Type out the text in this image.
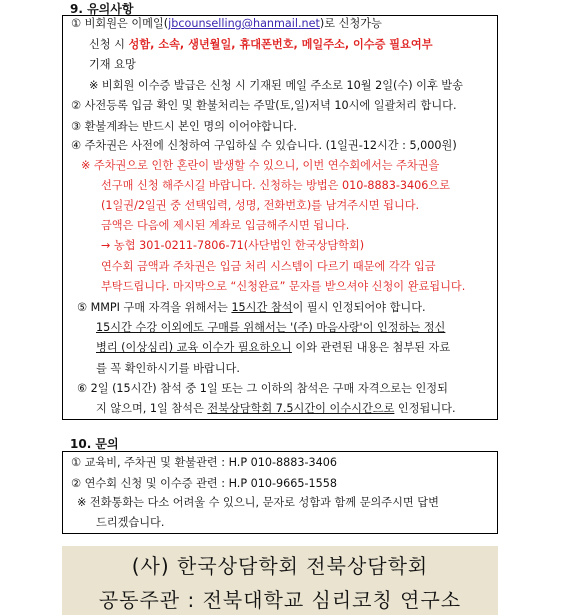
9. 유의사항
① 비회원은 이메일(jbcounselling@hanmail.net)로 신청가능
신청 시 성함, 소속, 생년월일, 휴대폰번호, 메일주소, 이수증 필요여부
기재 요망
※ 비회원 이수증 발급은 신청 시 기재된 메일 주소로 10월 2일(수) 이후 발송
② 사전등록 입금 확인 및 환불처리는 주말(토,일)저녁 10시에 일괄처리 합니다.
③ 환불계좌는 반드시 본인 명의 이어야합니다.
④ 주차권은 사전에 신청하여 구입하실 수 있습니다. (1일권-12시간 : 5,000원)
※ 주차권으로 인한 혼란이 발생할 수 있으니, 이번 연수회에서는 주차권을
선구매 신청 해주시길 바랍니다. 신청하는 방법은 010-8883-3406으로
(1일권/2일권 중 선택입력, 성명, 전화번호)를 남겨주시면 됩니다.
금액은 다음에 제시된 계좌로 입금해주시면 됩니다.
→ 농협 301-0211-7806-71(사단법인 한국상담학회)
연수회 금액과 주차권은 입금 처리 시스템이 다르기 때문에 각각 입금
부탁드립니다. 마지막으로 “신청완료” 문자를 받으셔야 신청이 완료됩니다.
⑤ MMPI 구매 자격을 위해서는 15시간 참석이 필시 인정되어야 합니다.
15시간 수강 이외에도 구매를 위해서는 '(주) 마음사랑'이 인정하는 정신
병리 (이상심리) 교육 이수가 필요하오니 이와 관련된 내용은 첨부된 자료
를 꼭 확인하시기를 바랍니다.
⑥ 2일 (15시간) 참석 중 1일 또는 그 이하의 참석은 구매 자격으로는 인정되
지 않으며, 1일 참석은 전북상담학회 7.5시간이 이수시간으로 인정됩니다.
10. 문의
① 교육비, 주차권 및 환불관련 : H.P 010-8883-3406
② 연수회 신청 및 이수증 관련 : H.P 010-9665-1558
※ 전화통화는 다소 어려울 수 있으니, 문자로 성함과 함께 문의주시면 답변
드리겠습니다.
(사) 한국상담학회 전북상담학회
공동주관 : 전북대학교 심리코칭 연구소
